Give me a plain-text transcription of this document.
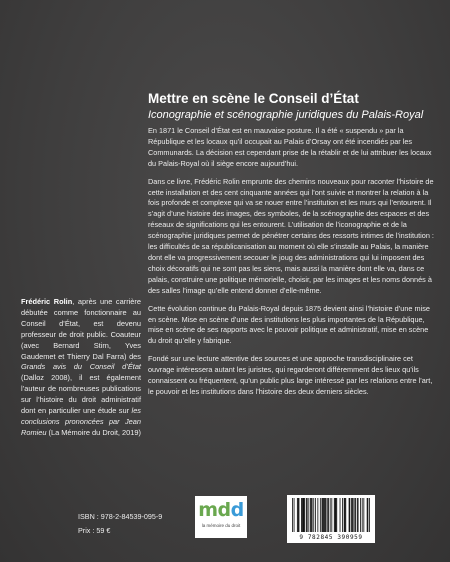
Mettre en scène le Conseil d’État

Iconographie et scénographie juridiques du Palais-Royal

En 1871 le Conseil d’État est en mauvaise posture. Il a été « suspendu » par la République et les locaux qu’il occupait au Palais d’Orsay ont été incendiés par les Communards. La décision est cependant prise de la rétablir et de lui attribuer les locaux du Palais-Royal où il siège encore aujourd’hui.

Dans ce livre, Frédéric Rolin emprunte des chemins nouveaux pour raconter l’histoire de cette installation et des cent cinquante années qui l’ont suivie et montrer la relation à la fois profonde et complexe qui va se nouer entre l’institution et les murs qui l’entourent. Il s’agit d’une histoire des images, des symboles, de la scénographie des espaces et des réseaux de significations qui les entourent. L’utilisation de l’iconographie et de la scénographie juridiques permet de pénétrer certains des ressorts intimes de l’institution : les difficultés de sa républicanisation au moment où elle s’installe au Palais, la manière dont elle va progressivement secouer le joug des administrations qui lui imposent des choix décoratifs qui ne sont pas les siens, mais aussi la manière dont elle va, dans ce palais, construire une politique mémorielle, choisir, par les images et les noms donnés à des salles l’image qu’elle entend donner d’elle-même.

Cette évolution continue du Palais-Royal depuis 1875 devient ainsi l’histoire d’une mise en scène. Mise en scène d’une des institutions les plus importantes de la République, mise en scène de ses rapports avec le pouvoir politique et administratif, mise en scène du droit qu’elle y fabrique.

Fondé sur une lecture attentive des sources et une approche transdisciplinaire cet ouvrage intéressera autant les juristes, qui regarderont différemment des lieux qu’ils connaissent ou fréquentent, qu’un public plus large intéressé par les relations entre l’art, le pouvoir et les institutions dans l’histoire des deux derniers siècles.

Frédéric Rolin, après une carrière débutée comme fonctionnaire au Conseil d’État, est devenu professeur de droit public. Coauteur (avec Bernard Stirn, Yves Gaudemet et Thierry Dal Farra) des Grands avis du Conseil d’État (Dalloz 2008), il est également l’auteur de nombreuses publications sur l’histoire du droit administratif dont en particulier une étude sur les conclusions prononcées par Jean Romieu (La Mémoire du Droit, 2019)
ISBN : 978-2-84539-095-9
Prix : 59 €
mdd
la mémoire du droit
9 782845 390959
